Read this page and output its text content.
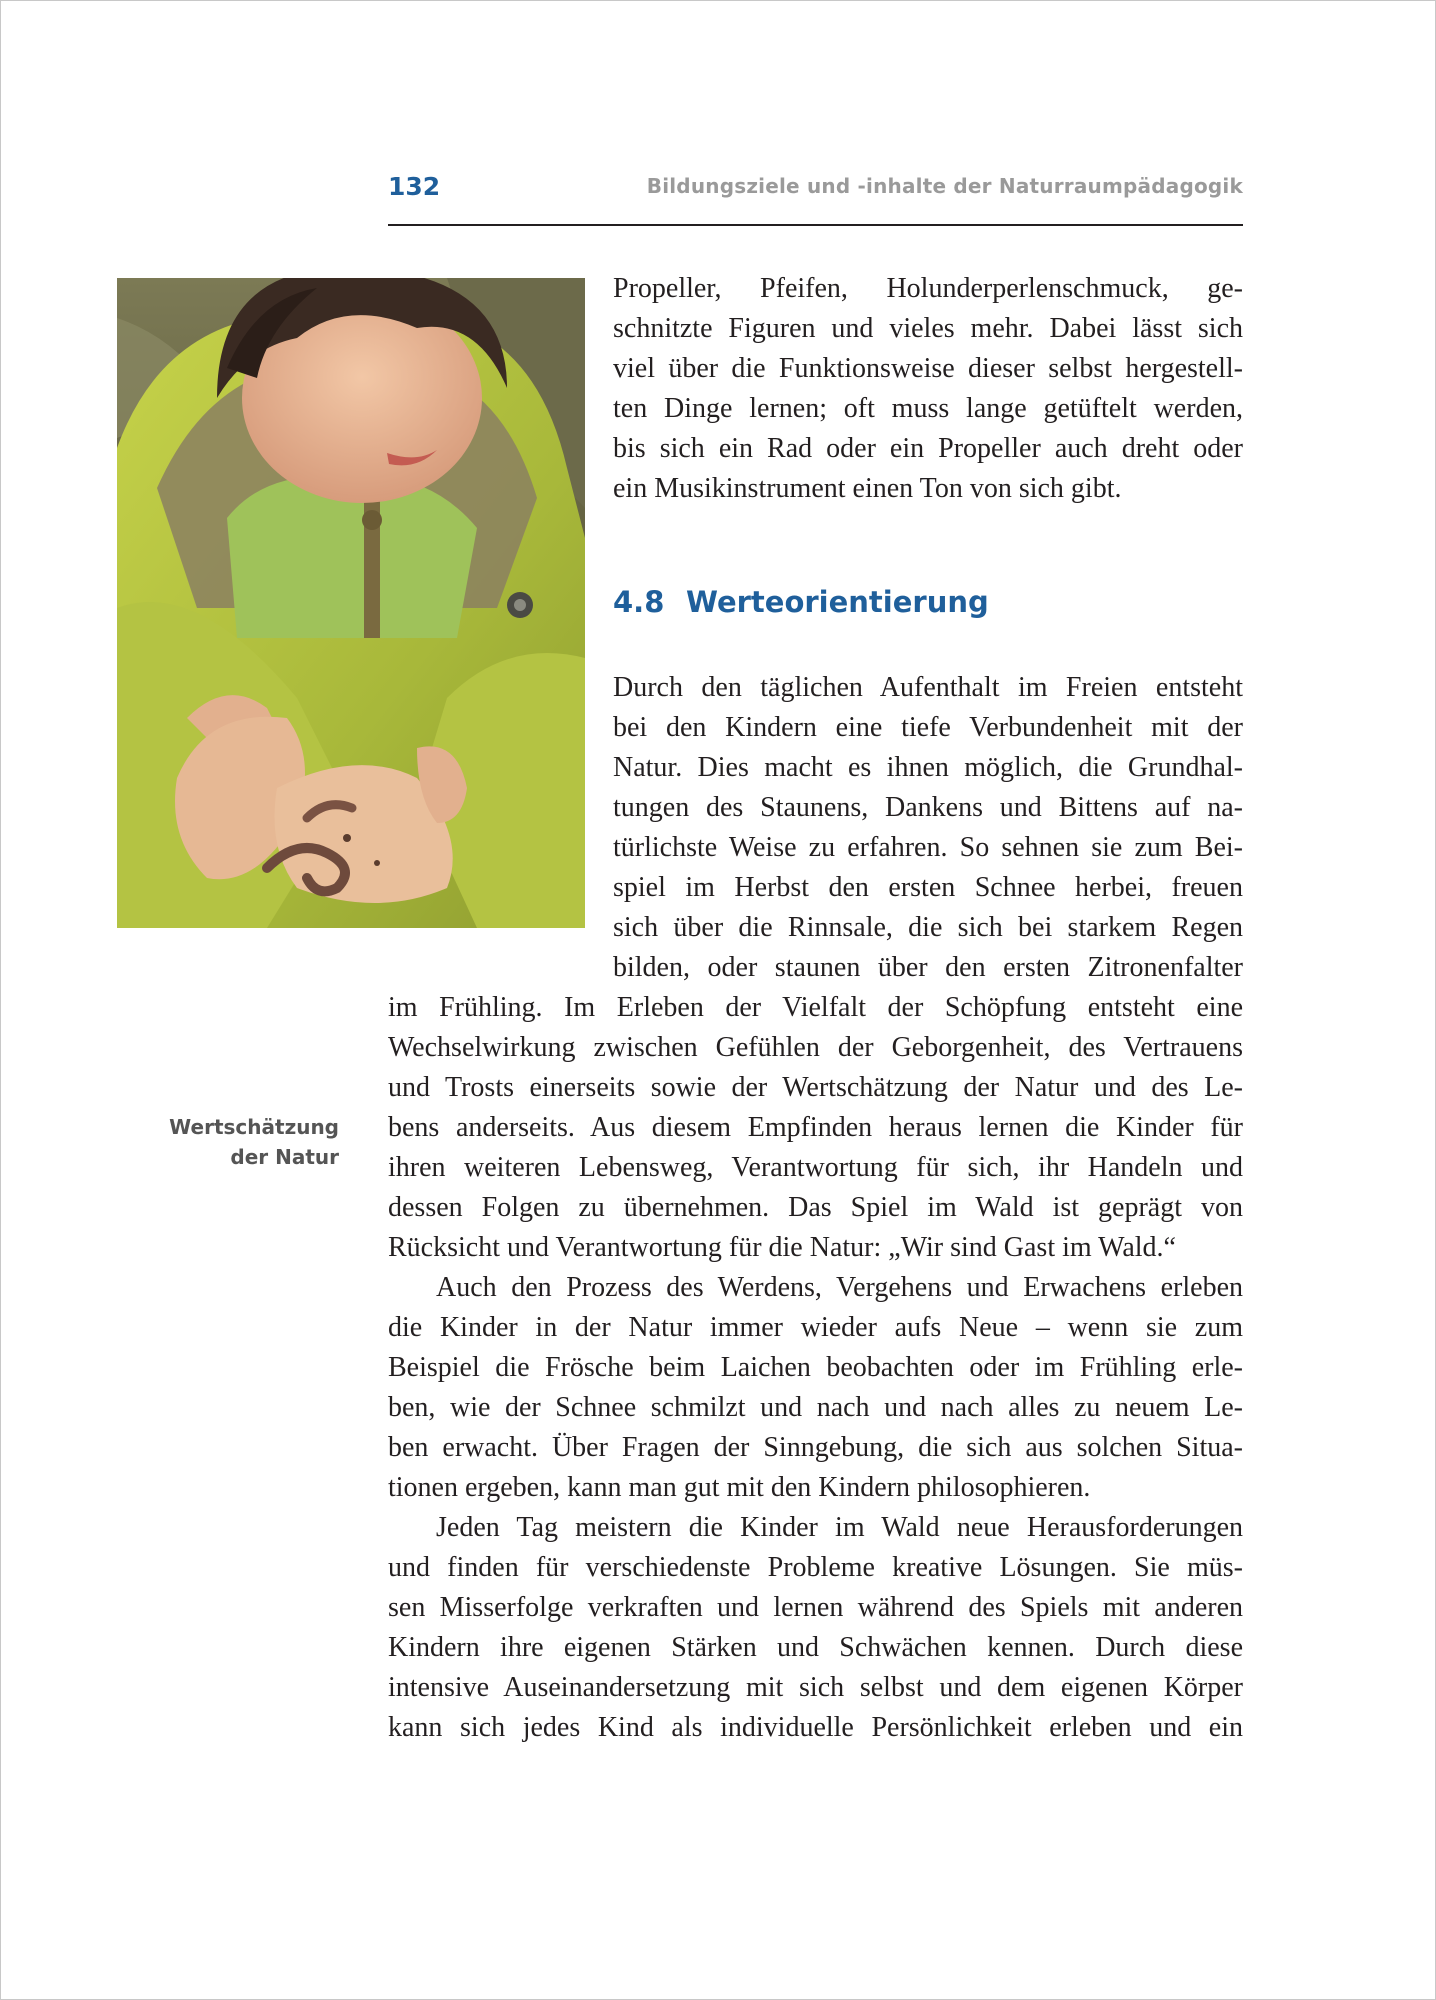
132	Bildungsziele und -inhalte der Naturraumpädagogik
Propeller, Pfeifen, Holunderperlenschmuck, ge-
schnitzte Figuren und vieles mehr. Dabei lässt sich
viel über die Funktionsweise dieser selbst hergestell-
ten Dinge lernen; oft muss lange getüftelt werden,
bis sich ein Rad oder ein Propeller auch dreht oder
ein Musikinstrument einen Ton von sich gibt.
4.8 Werteorientierung
Durch den täglichen Aufenthalt im Freien entsteht
bei den Kindern eine tiefe Verbundenheit mit der
Natur. Dies macht es ihnen möglich, die Grundhal-
tungen des Staunens, Dankens und Bittens auf na-
türlichste Weise zu erfahren. So sehnen sie zum Bei-
spiel im Herbst den ersten Schnee herbei, freuen
sich über die Rinnsale, die sich bei starkem Regen
bilden, oder staunen über den ersten Zitronenfalter
im Frühling. Im Erleben der Vielfalt der Schöpfung entsteht eine
Wechselwirkung zwischen Gefühlen der Geborgenheit, des Vertrauens
und Trosts einerseits sowie der Wertschätzung der Natur und des Le-
bens anderseits. Aus diesem Empfinden heraus lernen die Kinder für
ihren weiteren Lebensweg, Verantwortung für sich, ihr Handeln und
dessen Folgen zu übernehmen. Das Spiel im Wald ist geprägt von
Rücksicht und Verantwortung für die Natur: „Wir sind Gast im Wald.“
Wertschätzung
der Natur
Auch den Prozess des Werdens, Vergehens und Erwachens erleben
die Kinder in der Natur immer wieder aufs Neue – wenn sie zum
Beispiel die Frösche beim Laichen beobachten oder im Frühling erle-
ben, wie der Schnee schmilzt und nach und nach alles zu neuem Le-
ben erwacht. Über Fragen der Sinngebung, die sich aus solchen Situa-
tionen ergeben, kann man gut mit den Kindern philosophieren.
Jeden Tag meistern die Kinder im Wald neue Herausforderungen
und finden für verschiedenste Probleme kreative Lösungen. Sie müs-
sen Misserfolge verkraften und lernen während des Spiels mit anderen
Kindern ihre eigenen Stärken und Schwächen kennen. Durch diese
intensive Auseinandersetzung mit sich selbst und dem eigenen Körper
kann sich jedes Kind als individuelle Persönlichkeit erleben und ein
